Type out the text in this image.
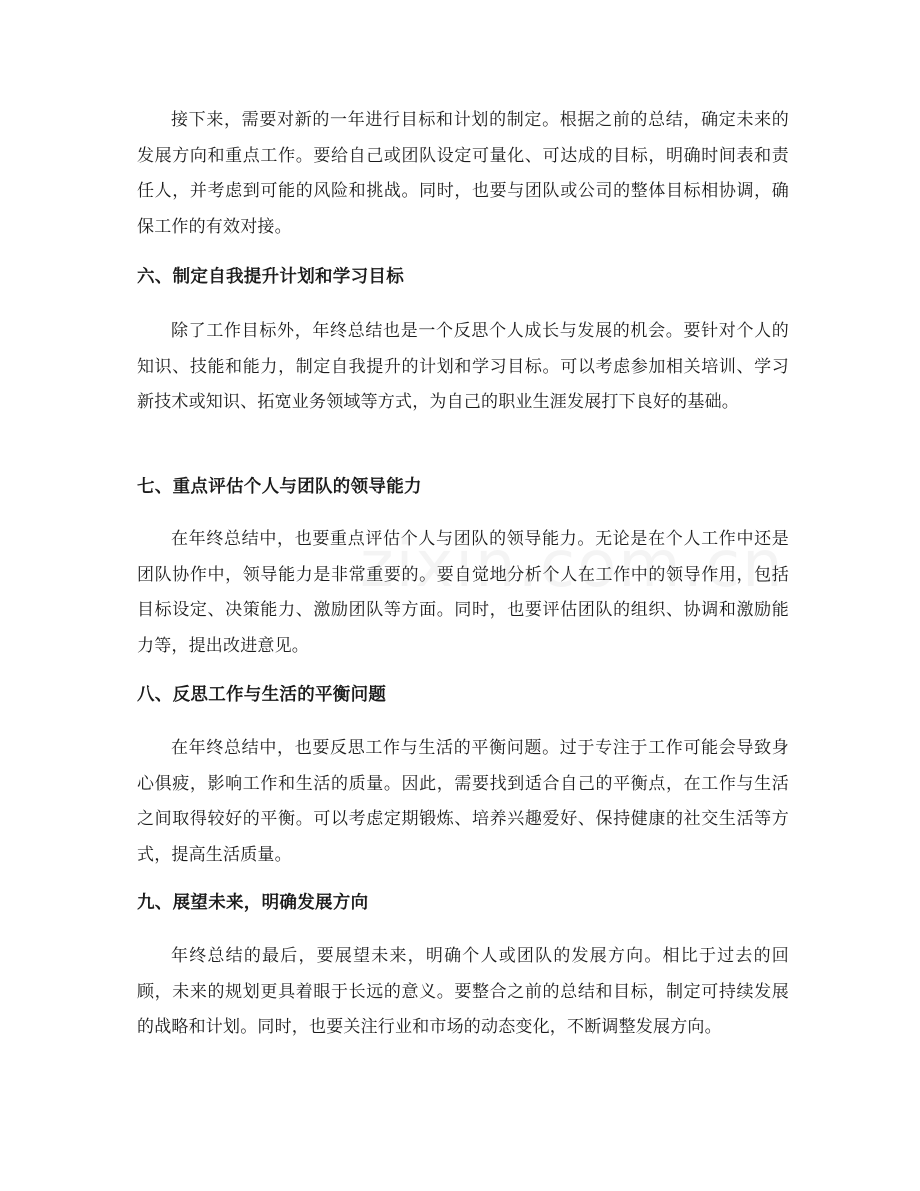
接下来，需要对新的一年进行目标和计划的制定。根据之前的总结，确定未来的发展方向和重点工作。要给自己或团队设定可量化、可达成的目标，明确时间表和责任人，并考虑到可能的风险和挑战。同时，也要与团队或公司的整体目标相协调，确保工作的有效对接。

六、制定自我提升计划和学习目标

除了工作目标外，年终总结也是一个反思个人成长与发展的机会。要针对个人的知识、技能和能力，制定自我提升的计划和学习目标。可以考虑参加相关培训、学习新技术或知识、拓宽业务领域等方式，为自己的职业生涯发展打下良好的基础。

七、重点评估个人与团队的领导能力

在年终总结中，也要重点评估个人与团队的领导能力。无论是在个人工作中还是团队协作中，领导能力是非常重要的。要自觉地分析个人在工作中的领导作用，包括目标设定、决策能力、激励团队等方面。同时，也要评估团队的组织、协调和激励能力等，提出改进意见。

八、反思工作与生活的平衡问题

在年终总结中，也要反思工作与生活的平衡问题。过于专注于工作可能会导致身心俱疲，影响工作和生活的质量。因此，需要找到适合自己的平衡点，在工作与生活之间取得较好的平衡。可以考虑定期锻炼、培养兴趣爱好、保持健康的社交生活等方式，提高生活质量。

九、展望未来，明确发展方向

年终总结的最后，要展望未来，明确个人或团队的发展方向。相比于过去的回顾，未来的规划更具着眼于长远的意义。要整合之前的总结和目标，制定可持续发展的战略和计划。同时，也要关注行业和市场的动态变化，不断调整发展方向。
